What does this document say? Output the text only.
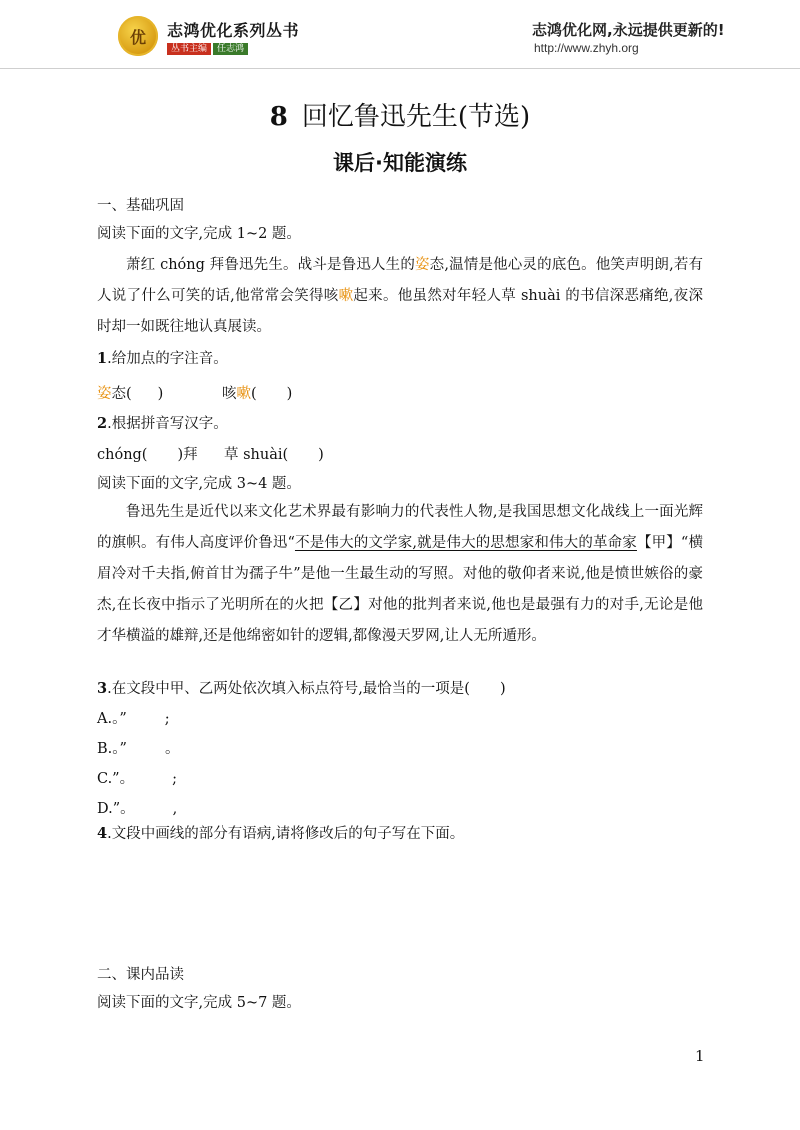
优	志鸿优化系列丛书
丛书主编 任志鸿
志鸿优化网,永远提供更新的!
http://www.zhyh.org
8 回忆鲁迅先生(节选)
课后·知能演练
一、基础巩固
阅读下面的文字,完成 1~2 题。

萧红 chóng 拜鲁迅先生。战斗是鲁迅人生的姿态,温情是他心灵的底色。他笑声明朗,若有人说了什么可笑的话,他常常会笑得咳嗽起来。他虽然对年轻人草 shuài 的书信深恶痛绝,夜深时却一如既往地认真展读。

1.给加点的字注音。
姿态( )	咳嗽( )
2.根据拼音写汉字。
chóng( )拜 草 shuài( )
阅读下面的文字,完成 3~4 题。

鲁迅先生是近代以来文化艺术界最有影响力的代表性人物,是我国思想文化战线上一面光辉的旗帜。有伟人高度评价鲁迅“不是伟大的文学家,就是伟大的思想家和伟大的革命家【甲】“横眉冷对千夫指,俯首甘为孺子牛”是他一生最生动的写照。对他的敬仰者来说,他是愤世嫉俗的豪杰,在长夜中指示了光明所在的火把【乙】对他的批判者来说,他也是最强有力的对手,无论是他才华横溢的雄辩,还是他绵密如针的逻辑,都像漫天罗网,让人无所遁形。

3.在文段中甲、乙两处依次填入标点符号,最恰当的一项是( )
A.。”	;
B.。”	。
C.”。	;
D.”。	,
4.文段中画线的部分有语病,请将修改后的句子写在下面。
二、课内品读
阅读下面的文字,完成 5~7 题。
1
